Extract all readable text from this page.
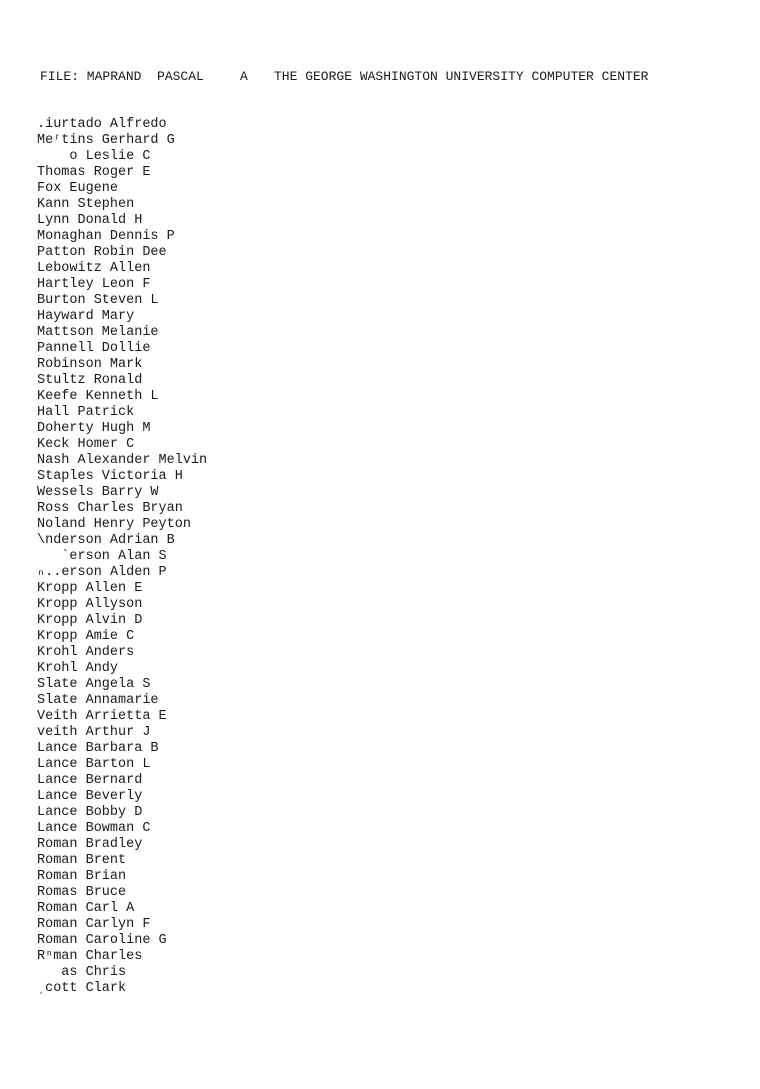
FILE: MAPRAND  PASCAL	A THE GEORGE WASHINGTON UNIVERSITY COMPUTER CENTER
.iurtado Alfredo
Meʳtins Gerhard G
o Leslie C
Thomas Roger E
Fox Eugene
Kann Stephen
Lynn Donald H
Monaghan Dennis P
Patton Robin Dee
Lebowitz Allen
Hartley Leon F
Burton Steven L
Hayward Mary
Mattson Melanie
Pannell Dollie
Robinson Mark
Stultz Ronald
Keefe Kenneth L
Hall Patrick
Doherty Hugh M
Keck Homer C
Nash Alexander Melvin
Staples Victoria H
Wessels Barry W
Ross Charles Bryan
Noland Henry Peyton
\nderson Adrian B
`erson Alan S
ₙ..erson Alden P
Kropp Allen E
Kropp Allyson
Kropp Alvin D
Kropp Amie C
Krohl Anders
Krohl Andy
Slate Angela S
Slate Annamarie
Veith Arrietta E
veith Arthur J
Lance Barbara B
Lance Barton L
Lance Bernard
Lance Beverly
Lance Bobby D
Lance Bowman C
Roman Bradley
Roman Brent
Roman Brian
Romas Bruce
Roman Carl A
Roman Carlyn F
Roman Caroline G
Rⁿman Charles
as Chris
ˌcott Clark
